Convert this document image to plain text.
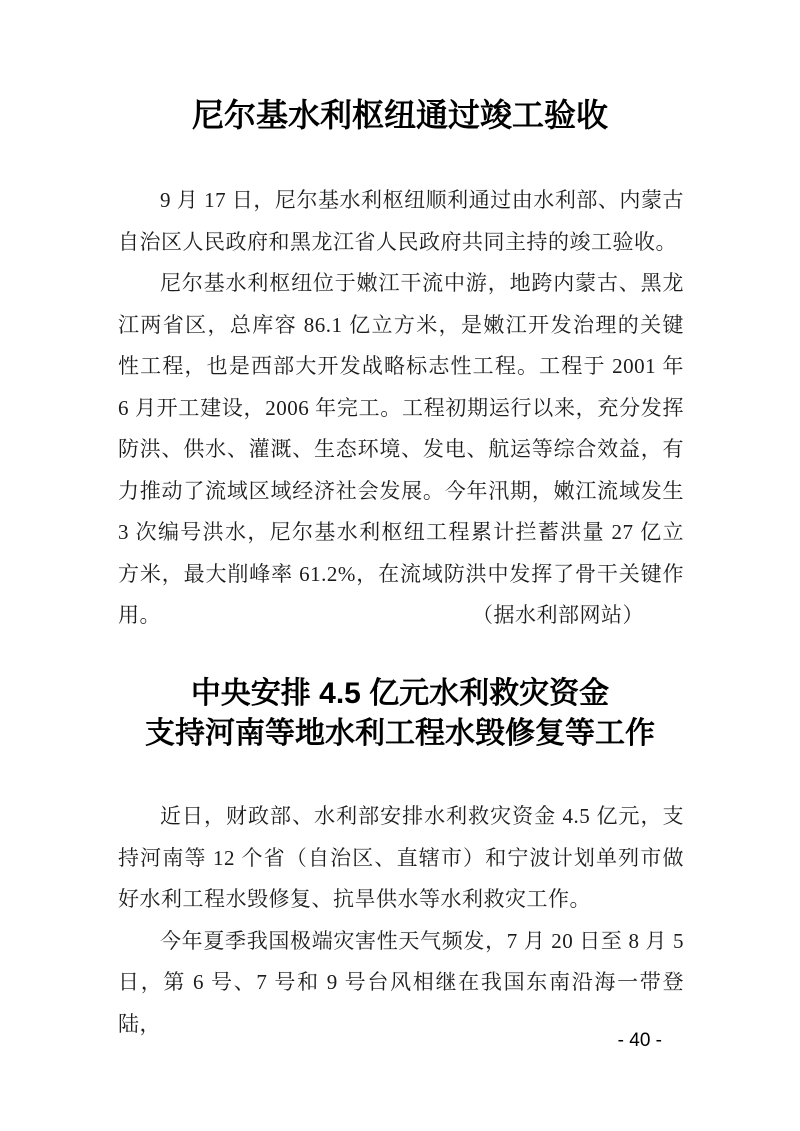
尼尔基水利枢纽通过竣工验收

9 月 17 日，尼尔基水利枢纽顺利通过由水利部、内蒙古自治区人民政府和黑龙江省人民政府共同主持的竣工验收。

尼尔基水利枢纽位于嫩江干流中游，地跨内蒙古、黑龙江两省区，总库容 86.1 亿立方米，是嫩江开发治理的关键性工程，也是西部大开发战略标志性工程。工程于 2001 年 6 月开工建设，2006 年完工。工程初期运行以来，充分发挥防洪、供水、灌溉、生态环境、发电、航运等综合效益，有力推动了流域区域经济社会发展。今年汛期，嫩江流域发生 3 次编号洪水，尼尔基水利枢纽工程累计拦蓄洪量 27 亿立方米，最大削峰率 61.2%，在流域防洪中发挥了骨干关键作用。	（据水利部网站）
中央安排 4.5 亿元水利救灾资金
支持河南等地水利工程水毁修复等工作

近日，财政部、水利部安排水利救灾资金 4.5 亿元，支持河南等 12 个省（自治区、直辖市）和宁波计划单列市做好水利工程水毁修复、抗旱供水等水利救灾工作。

今年夏季我国极端灾害性天气频发，7 月 20 日至 8 月 5 日，第 6 号、7 号和 9 号台风相继在我国东南沿海一带登陆，

- 40 -
